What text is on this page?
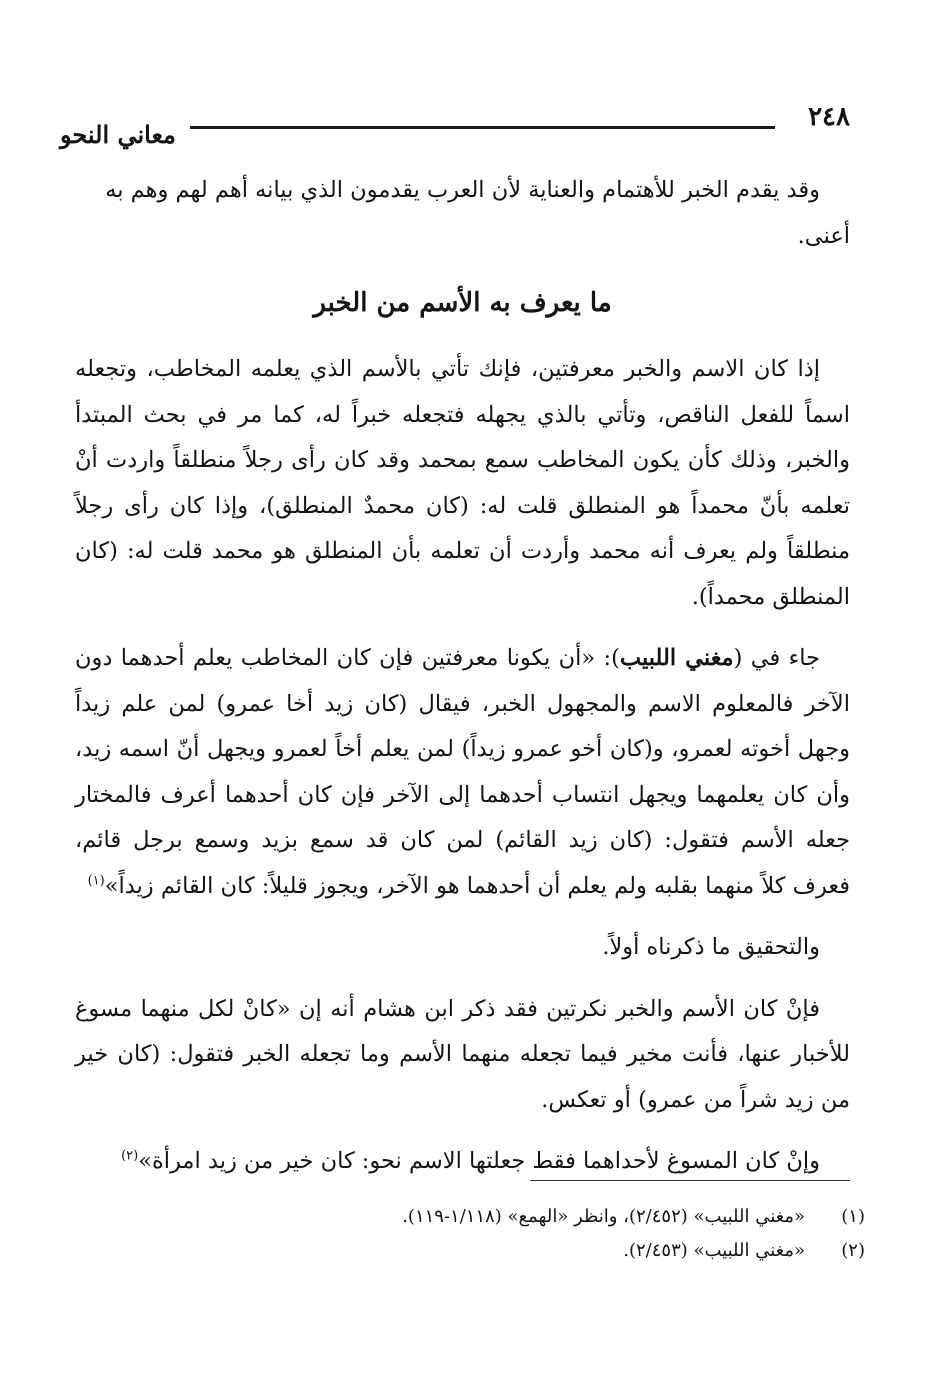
٢٤٨
معاني النحو

وقد يقدم الخبر للأهتمام والعناية لأن العرب يقدمون الذي بيانه أهم لهم وهم به

أعنى.

ما يعرف به الأسم من الخبر

إذا كان الاسم والخبر معرفتين، فإنك تأتي بالأسم الذي يعلمه المخاطب، وتجعله اسماً للفعل الناقص، وتأتي بالذي يجهله فتجعله خبراً له، كما مر في بحث المبتدأ والخبر، وذلك كأن يكون المخاطب سمع بمحمد وقد كان رأى رجلاً منطلقاً واردت أنْ تعلمه بأنّ محمداً هو المنطلق قلت له: (كان محمدٌ المنطلق)، وإذا كان رأى رجلاً منطلقاً ولم يعرف أنه محمد وأردت أن تعلمه بأن المنطلق هو محمد قلت له: (كان المنطلق محمداً).

جاء في (مغني اللبيب): «أن يكونا معرفتين فإن كان المخاطب يعلم أحدهما دون الآخر فالمعلوم الاسم والمجهول الخبر، فيقال (كان زيد أخا عمرو) لمن علم زيداً وجهل أخوته لعمرو، و(كان أخو عمرو زيداً) لمن يعلم أخاً لعمرو ويجهل أنّ اسمه زيد، وأن كان يعلمهما ويجهل انتساب أحدهما إلى الآخر فإن كان أحدهما أعرف فالمختار جعله الأسم فتقول: (كان زيد القائم) لمن كان قد سمع بزيد وسمع برجل قائم، فعرف كلاً منهما بقلبه ولم يعلم أن أحدهما هو الآخر، ويجوز قليلاً: كان القائم زيداً»$^{(١)}$

والتحقيق ما ذكرناه أولاً.

فإنْ كان الأسم والخبر نكرتين فقد ذكر ابن هشام أنه إن «كانْ لكل منهما مسوغ للأخبار عنها، فأنت مخير فيما تجعله منهما الأسم وما تجعله الخبر فتقول: (كان خير من زيد شراً من عمرو) أو تعكس.

وإنْ كان المسوغ لأحداهما فقط جعلتها الاسم نحو: كان خير من زيد امرأة»$^{(٢)}$

(١)«مغني اللبيب» (٢/٤٥٢)، وانظر «الهمع» (١/١١٨-١١٩).

(٢)«مغني اللبيب» (٢/٤٥٣).
